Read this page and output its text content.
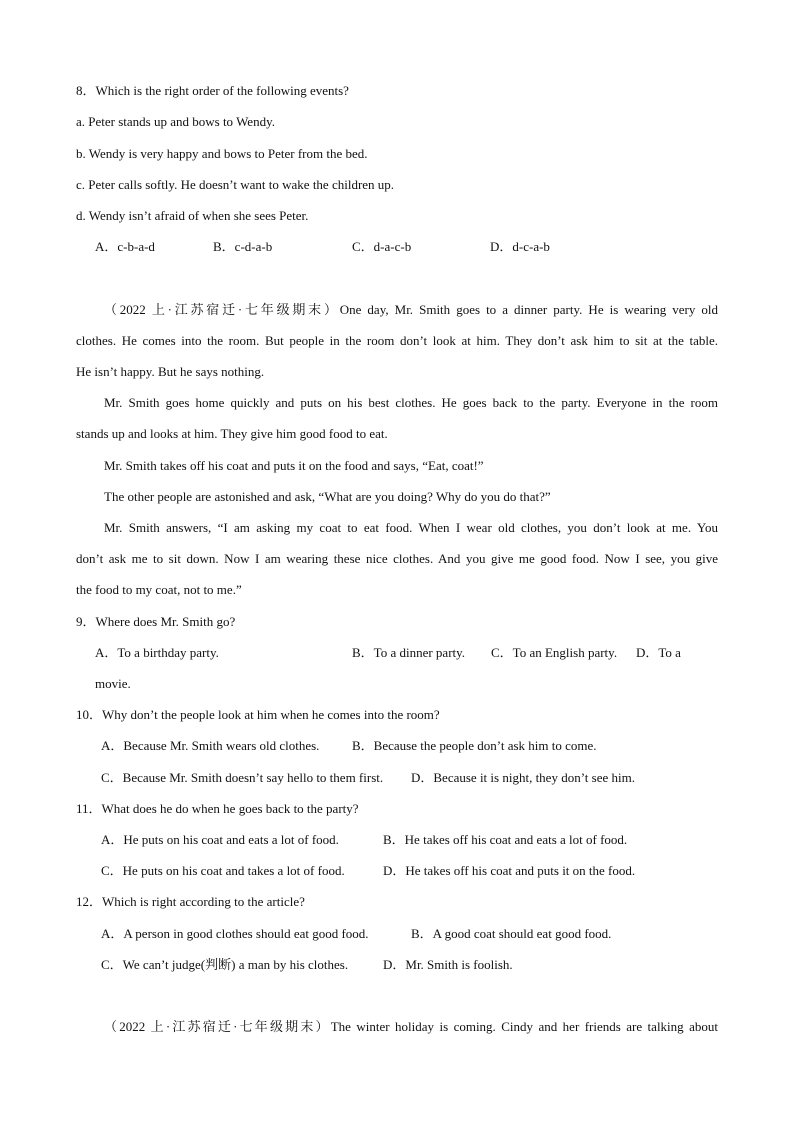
8．Which is the right order of the following events?
a. Peter stands up and bows to Wendy.
b. Wendy is very happy and bows to Peter from the bed.
c. Peter calls softly. He doesn’t want to wake the children up.
d. Wendy isn’t afraid of when she sees Peter.
A．c-b-a-d	B．c-d-a-b	C．d-a-c-b	D．d-c-a-b
（2022 上·江苏宿迁·七年级期末）One day, Mr. Smith goes to a dinner party. He is wearing very old
clothes. He comes into the room. But people in the room don’t look at him. They don’t ask him to sit at the table.
He isn’t happy. But he says nothing.
Mr. Smith goes home quickly and puts on his best clothes. He goes back to the party. Everyone in the room
stands up and looks at him. They give him good food to eat.
Mr. Smith takes off his coat and puts it on the food and says, “Eat, coat!”
The other people are astonished and ask, “What are you doing? Why do you do that?”
Mr. Smith answers, “I am asking my coat to eat food. When I wear old clothes, you don’t look at me. You
don’t ask me to sit down. Now I am wearing these nice clothes. And you give me good food. Now I see, you give
the food to my coat, not to me.”
9．Where does Mr. Smith go?
A．To a birthday party.	B．To a dinner party. C．To an English party. D．To a
movie.
10．Why don’t the people look at him when he comes into the room?
A．Because Mr. Smith wears old clothes.	B．Because the people don’t ask him to come.
C．Because Mr. Smith doesn’t say hello to them first. D．Because it is night, they don’t see him.
11．What does he do when he goes back to the party?
A．He puts on his coat and eats a lot of food.	B．He takes off his coat and eats a lot of food.
C．He puts on his coat and takes a lot of food.	D．He takes off his coat and puts it on the food.
12．Which is right according to the article?
A．A person in good clothes should eat good food.	B．A good coat should eat good food.
C．We can’t judge(判断) a man by his clothes.	D．Mr. Smith is foolish.
（2022 上·江苏宿迁·七年级期末）The winter holiday is coming. Cindy and her friends are talking about
